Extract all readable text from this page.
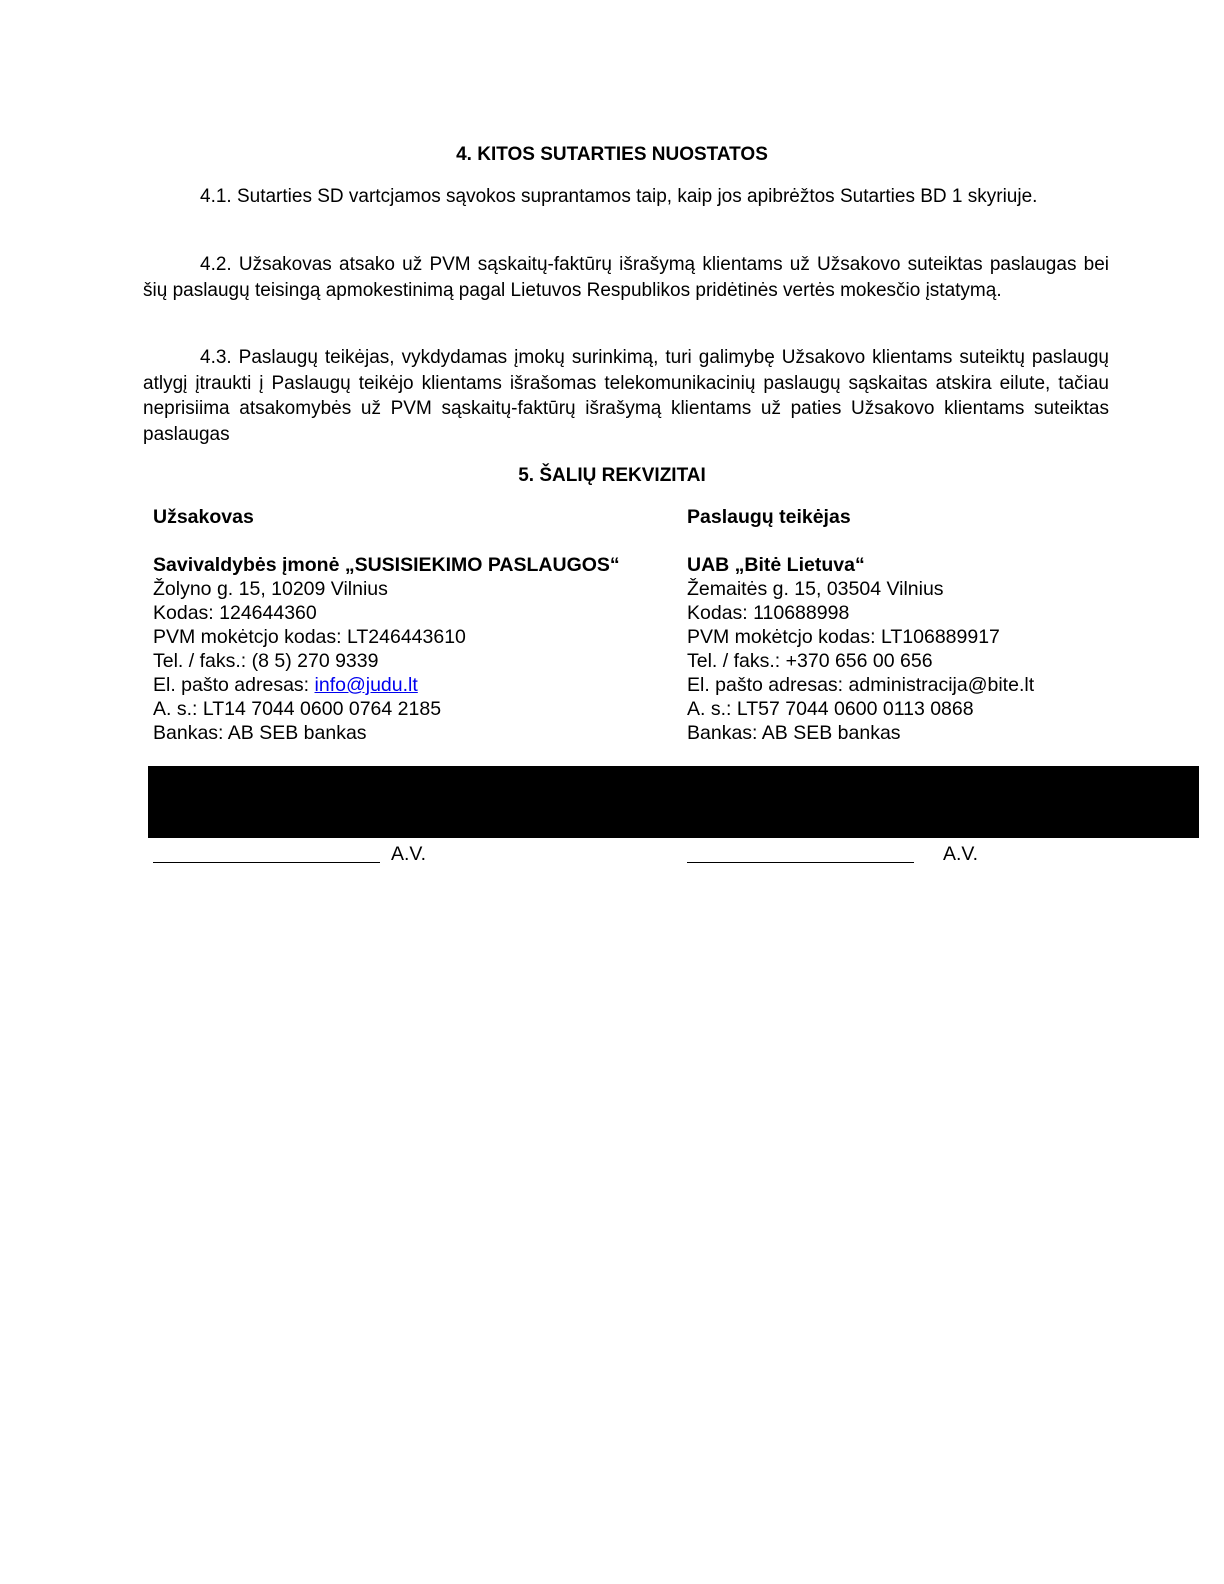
4. KITOS SUTARTIES NUOSTATOS

4.1. Sutarties SD vartcjamos sąvokos suprantamos taip, kaip jos apibrėžtos Sutarties BD 1 skyriuje.

4.2. Užsakovas atsako už PVM sąskaitų-faktūrų išrašymą klientams už Užsakovo suteiktas paslaugas bei šių paslaugų teisingą apmokestinimą pagal Lietuvos Respublikos pridėtinės vertės mokesčio įstatymą.

4.3. Paslaugų teikėjas, vykdydamas įmokų surinkimą, turi galimybę Užsakovo klientams suteiktų paslaugų atlygį įtraukti į Paslaugų teikėjo klientams išrašomas telekomunikacinių paslaugų sąskaitas atskira eilute, tačiau neprisiima atsakomybės už PVM sąskaitų-faktūrų išrašymą klientams už paties Užsakovo klientams suteiktas paslaugas

5. ŠALIŲ REKVIZITAI
Užsakovas
Savivaldybės įmonė „SUSISIEKIMO PASLAUGOS“
Žolyno g. 15, 10209 Vilnius
Kodas: 124644360
PVM mokėtcjo kodas: LT246443610
Tel. / faks.: (8 5) 270 9339
El. pašto adresas: info@judu.lt
A. s.: LT14 7044 0600 0764 2185
Bankas: AB SEB bankas
Paslaugų teikėjas
UAB „Bitė Lietuva“
Žemaitės g. 15, 03504 Vilnius
Kodas: 110688998
PVM mokėtcjo kodas: LT106889917
Tel. / faks.: +370 656 00 656
El. pašto adresas: administracija@bite.lt
A. s.: LT57 7044 0600 0113 0868
Bankas: AB SEB bankas
A.V.	A.V.
